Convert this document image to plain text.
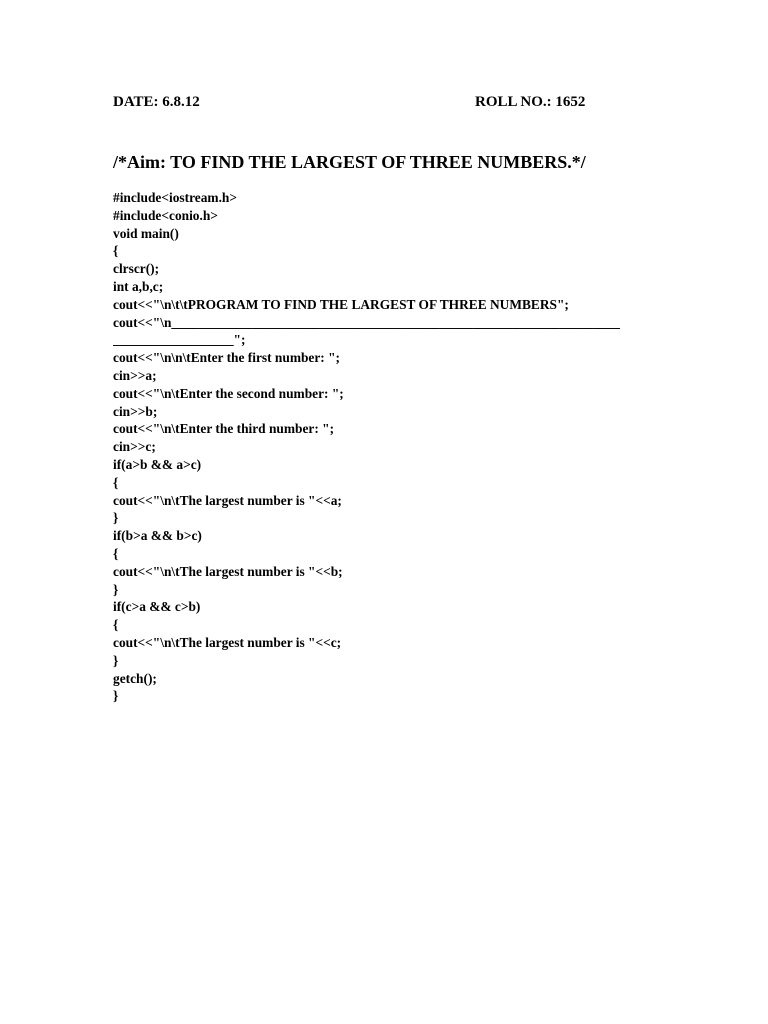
DATE: 6.8.12	ROLL NO.: 1652
/*Aim: TO FIND THE LARGEST OF THREE NUMBERS.*/
#include<iostream.h>
#include<conio.h>
void main()
{
clrscr();
int a,b,c;
cout<<"\n\t\tPROGRAM TO FIND THE LARGEST OF THREE NUMBERS";
cout<<"\n___________________________________________________________________
__________________";
cout<<"\n\n\tEnter the first number: ";
cin>>a;
cout<<"\n\tEnter the second number: ";
cin>>b;
cout<<"\n\tEnter the third number: ";
cin>>c;
if(a>b && a>c)
{
cout<<"\n\tThe largest number is "<<a;
}
if(b>a && b>c)
{
cout<<"\n\tThe largest number is "<<b;
}
if(c>a && c>b)
{
cout<<"\n\tThe largest number is "<<c;
}
getch();
}
